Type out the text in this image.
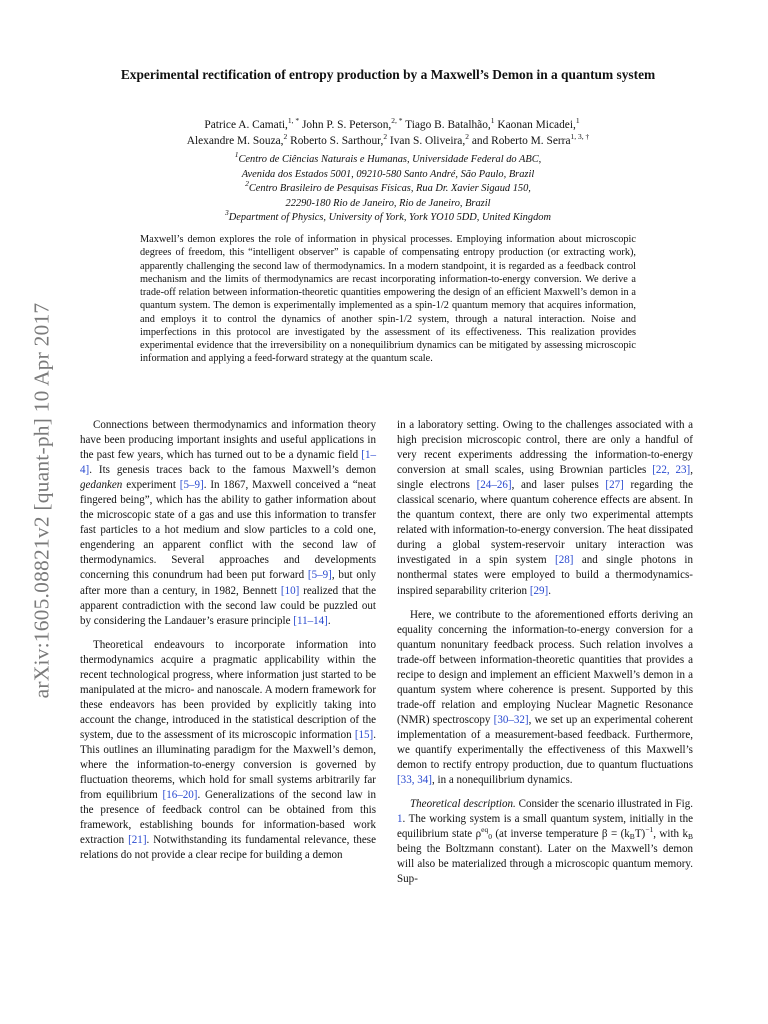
arXiv:1605.08821v2 [quant-ph] 10 Apr 2017
Experimental rectification of entropy production by a Maxwell’s Demon in a quantum system
Patrice A. Camati,$^{1, *}$ John P. S. Peterson,$^{2, *}$ Tiago B. Batalhão,$^1$ Kaonan Micadei,$^1$
Alexandre M. Souza,$^2$ Roberto S. Sarthour,$^2$ Ivan S. Oliveira,$^2$ and Roberto M. Serra$^{1, 3, \dagger}$
$^1$Centro de Ciências Naturais e Humanas, Universidade Federal do ABC,
Avenida dos Estados 5001, 09210-580 Santo André, São Paulo, Brazil
$^2$Centro Brasileiro de Pesquisas Físicas, Rua Dr. Xavier Sigaud 150,
22290-180 Rio de Janeiro, Rio de Janeiro, Brazil
$^3$Department of Physics, University of York, York YO10 5DD, United Kingdom
Maxwell’s demon explores the role of information in physical processes. Employing information about microscopic degrees of freedom, this “intelligent observer” is capable of compensating entropy production (or extracting work), apparently challenging the second law of thermodynamics. In a modern standpoint, it is regarded as a feedback control mechanism and the limits of thermodynamics are recast incorporating information-to-energy conversion. We derive a trade-off relation between information-theoretic quantities empowering the design of an efficient Maxwell’s demon in a quantum system. The demon is experimentally implemented as a spin-1/2 quantum memory that acquires information, and employs it to control the dynamics of another spin-1/2 system, through a natural interaction. Noise and imperfections in this protocol are investigated by the assessment of its effectiveness. This realization provides experimental evidence that the irreversibility on a nonequilibrium dynamics can be mitigated by assessing microscopic information and applying a feed-forward strategy at the quantum scale.

Connections between thermodynamics and information theory have been producing important insights and useful applications in the past few years, which has turned out to be a dynamic field [1–4]. Its genesis traces back to the famous Maxwell’s demon gedanken experiment [5–9]. In 1867, Maxwell conceived a “neat fingered being”, which has the ability to gather information about the microscopic state of a gas and use this information to transfer fast particles to a hot medium and slow particles to a cold one, engendering an apparent conflict with the second law of thermodynamics. Several approaches and developments concerning this conundrum had been put forward [5–9], but only after more than a century, in 1982, Bennett [10] realized that the apparent contradiction with the second law could be puzzled out by considering the Landauer’s erasure principle [11–14].

Theoretical endeavours to incorporate information into thermodynamics acquire a pragmatic applicability within the recent technological progress, where information just started to be manipulated at the micro- and nanoscale. A modern framework for these endeavors has been provided by explicitly taking into account the change, introduced in the statistical description of the system, due to the assessment of its microscopic information [15]. This outlines an illuminating paradigm for the Maxwell’s demon, where the information-to-energy conversion is governed by fluctuation theorems, which hold for small systems arbitrarily far from equilibrium [16–20]. Generalizations of the second law in the presence of feedback control can be obtained from this framework, establishing bounds for information-based work extraction [21]. Notwithstanding its fundamental relevance, these relations do not provide a clear recipe for building a demon

in a laboratory setting. Owing to the challenges associated with a high precision microscopic control, there are only a handful of very recent experiments addressing the information-to-energy conversion at small scales, using Brownian particles [22, 23], single electrons [24–26], and laser pulses [27] regarding the classical scenario, where quantum coherence effects are absent. In the quantum context, there are only two experimental attempts related with information-to-energy conversion. The heat dissipated during a global system-reservoir unitary interaction was investigated in a spin system [28] and single photons in nonthermal states were employed to build a thermodynamics-inspired separability criterion [29].

Here, we contribute to the aforementioned efforts deriving an equality concerning the information-to-energy conversion for a quantum nonunitary feedback process. Such relation involves a trade-off between information-theoretic quantities that provides a recipe to design and implement an efficient Maxwell’s demon in a quantum system where coherence is present. Supported by this trade-off relation and employing Nuclear Magnetic Resonance (NMR) spectroscopy [30–32], we set up an experimental coherent implementation of a measurement-based feedback. Furthermore, we quantify experimentally the effectiveness of this Maxwell’s demon to rectify entropy production, due to quantum fluctuations [33, 34], in a nonequilibrium dynamics.

Theoretical description. Consider the scenario illustrated in Fig. 1. The working system is a small quantum system, initially in the equilibrium state $\rho^{eq}_0$ (at inverse temperature $\beta = (k_BT)^{-1}$, with $k_B$ being the Boltzmann constant). Later on the Maxwell’s demon will also be materialized through a microscopic quantum memory. Sup-
